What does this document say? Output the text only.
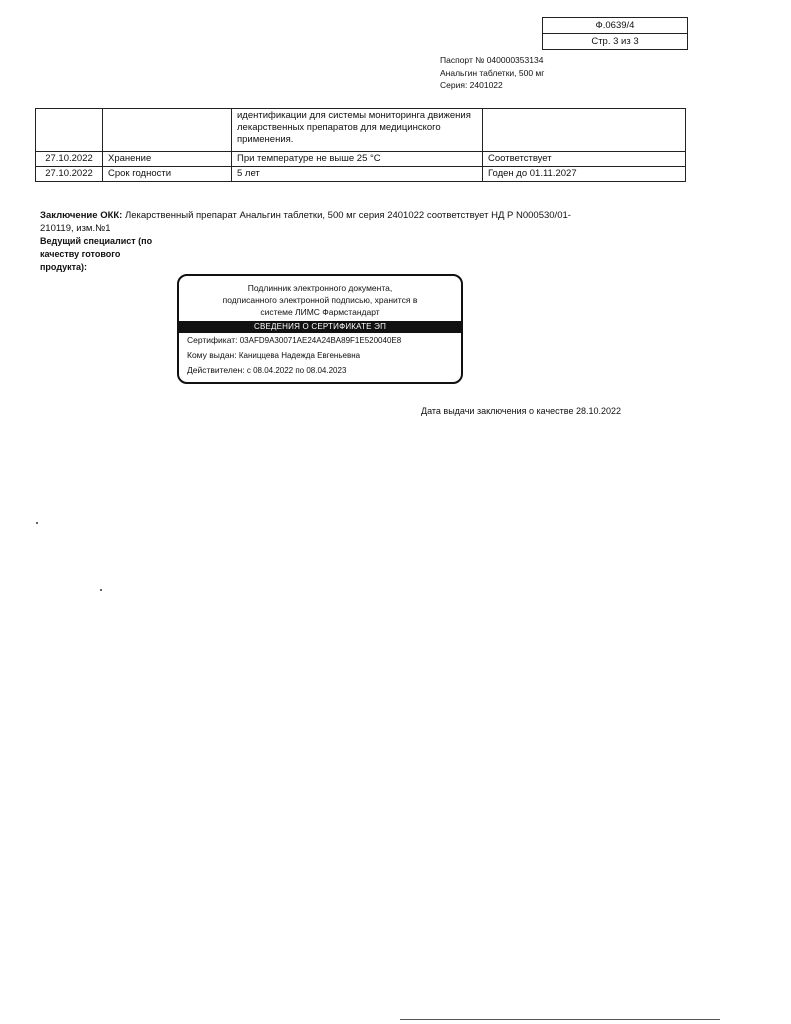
Ф.0639/4
Стр. 3 из 3
Паспорт № 040000353134
Анальгин таблетки, 500 мг
Серия: 2401022
		идентификации для системы мониторинга движения лекарственных препаратов для медицинского применения.	
27.10.2022	Хранение	При температуре не выше 25 °С	Соответствует
27.10.2022	Срок годности	5 лет	Годен до 01.11.2027
Заключение ОКК: Лекарственный препарат Анальгин таблетки, 500 мг серия 2401022 соответствует НД Р N000530/01-210119, изм.№1
Ведущий специалист (по качеству готового продукта):
Подлинник электронного документа,
подписанного электронной подписью, хранится в
системе ЛИМС Фармстандарт
СВЕДЕНИЯ О СЕРТИФИКАТЕ ЭП
Сертификат: 03AFD9A30071AE24A24BA89F1E520040E8
Кому выдан: Каниццева Надежда Евгеньевна
Действителен: с 08.04.2022 по 08.04.2023
Дата выдачи заключения о качестве 28.10.2022
